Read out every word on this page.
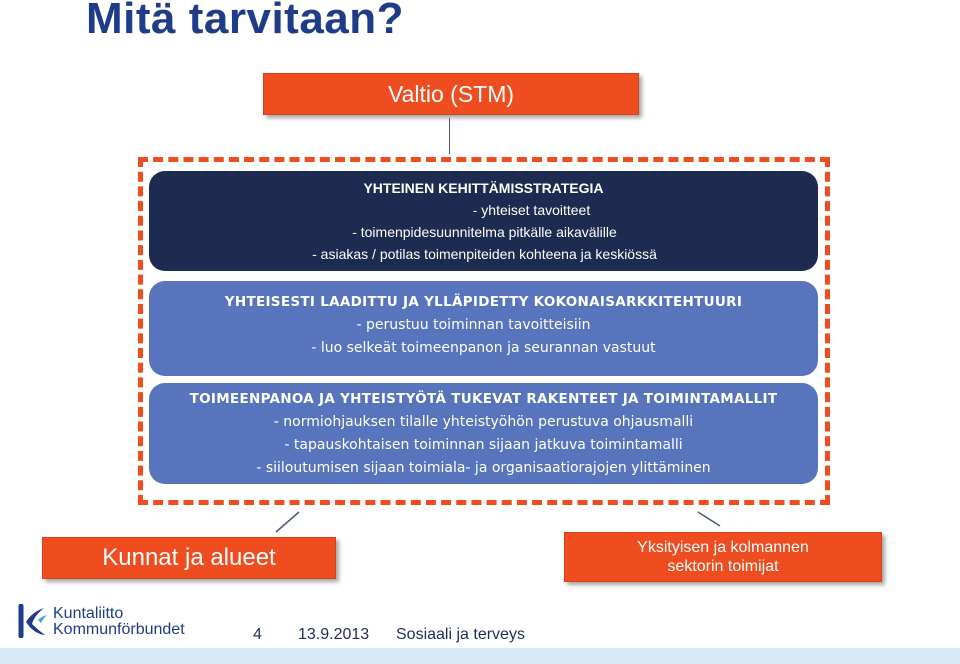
Mitä tarvitaan?
Valtio (STM)
YHTEINEN KEHITTÄMISSTRATEGIA
- yhteiset tavoitteet
- toimenpidesuunnitelma pitkälle aikavälille
- asiakas / potilas toimenpiteiden kohteena ja keskiössä
YHTEISESTI LAADITTU JA YLLÄPIDETTY KOKONAISARKKITEHTUURI
- perustuu toiminnan tavoitteisiin
- luo selkeät toimeenpanon ja seurannan vastuut
TOIMEENPANOA JA YHTEISTYÖTÄ TUKEVAT RAKENTEET JA TOIMINTAMALLIT
- normiohjauksen tilalle yhteistyöhön perustuva ohjausmalli
- tapauskohtaisen toiminnan sijaan jatkuva toimintamalli
- siiloutumisen sijaan toimiala- ja organisaatiorajojen ylittäminen
Kunnat ja alueet	Yksityisen ja kolmannen
sektorin toimijat
Kuntaliitto
Kommunförbundet	4 13.9.2013 Sosiaali ja terveys
